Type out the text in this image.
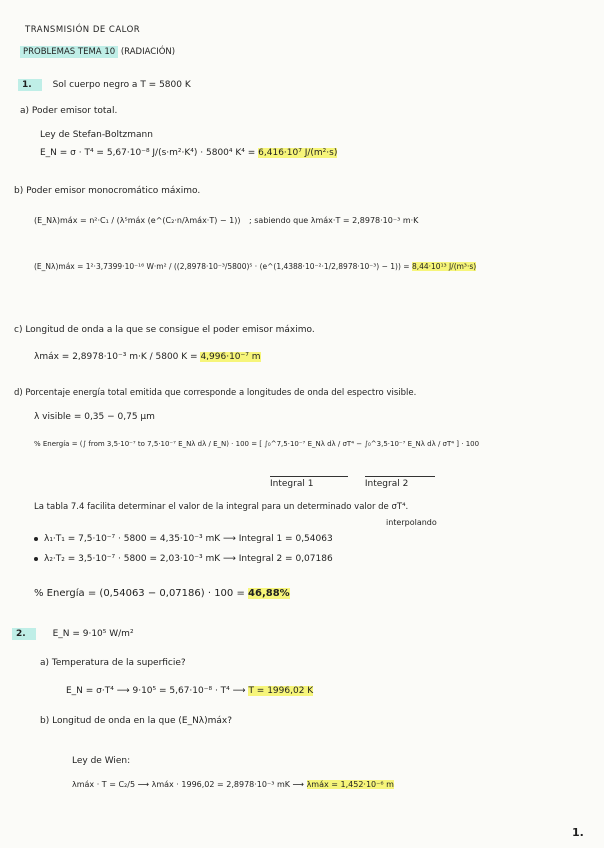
TRANSMISIÓN DE CALOR
PROBLEMAS TEMA 10 (RADIACIÓN)
1. Sol cuerpo negro a T = 5800 K
a) Poder emisor total.
Ley de Stefan-Boltzmann
E_N = σ · T⁴ = 5,67·10⁻⁸ J/(s·m²·K⁴) · 5800⁴ K⁴ = 6,416·10⁷ J/(m²·s)
b) Poder emisor monocromático máximo.
(E_Nλ)máx = n²·C₁ / (λ⁵máx (e^(C₂·n/λmáx·T) − 1)) ; sabiendo que λmáx·T = 2,8978·10⁻³ m·K
(E_Nλ)máx = 1²·3,7399·10⁻¹⁶ W·m² / ((2,8978·10⁻³/5800)⁵ · (e^(1,4388·10⁻²·1/2,8978·10⁻³) − 1)) = 8,44·10¹³ J/(m³·s)
c) Longitud de onda a la que se consigue el poder emisor máximo.
λmáx = 2,8978·10⁻³ m·K / 5800 K = 4,996·10⁻⁷ m
d) Porcentaje energía total emitida que corresponde a longitudes de onda del espectro visible.
λ visible = 0,35 − 0,75 μm
% Energía = (∫ from 3,5·10⁻⁷ to 7,5·10⁻⁷ E_Nλ dλ / E_N) · 100 = [ ∫₀^7,5·10⁻⁷ E_Nλ dλ / σT⁴ − ∫₀^3,5·10⁻⁷ E_Nλ dλ / σT⁴ ] · 100
Integral 1	Integral 2
La tabla 7.4 facilita determinar el valor de la integral para un determinado valor de σT⁴.
interpolando
λ₁·T₁ = 7,5·10⁻⁷ · 5800 = 4,35·10⁻³ mK ⟶ Integral 1 = 0,54063
λ₂·T₂ = 3,5·10⁻⁷ · 5800 = 2,03·10⁻³ mK ⟶ Integral 2 = 0,07186
% Energía = (0,54063 − 0,07186) · 100 = 46,88%
2.	E_N = 9·10⁵ W/m²
a) Temperatura de la superficie?
E_N = σ·T⁴ ⟶ 9·10⁵ = 5,67·10⁻⁸ · T⁴ ⟶ T = 1996,02 K
b) Longitud de onda en la que (E_Nλ)máx?
Ley de Wien:
λmáx · T = C₂/5 ⟶ λmáx · 1996,02 = 2,8978·10⁻³ mK ⟶ λmáx = 1,452·10⁻⁶ m
1.
